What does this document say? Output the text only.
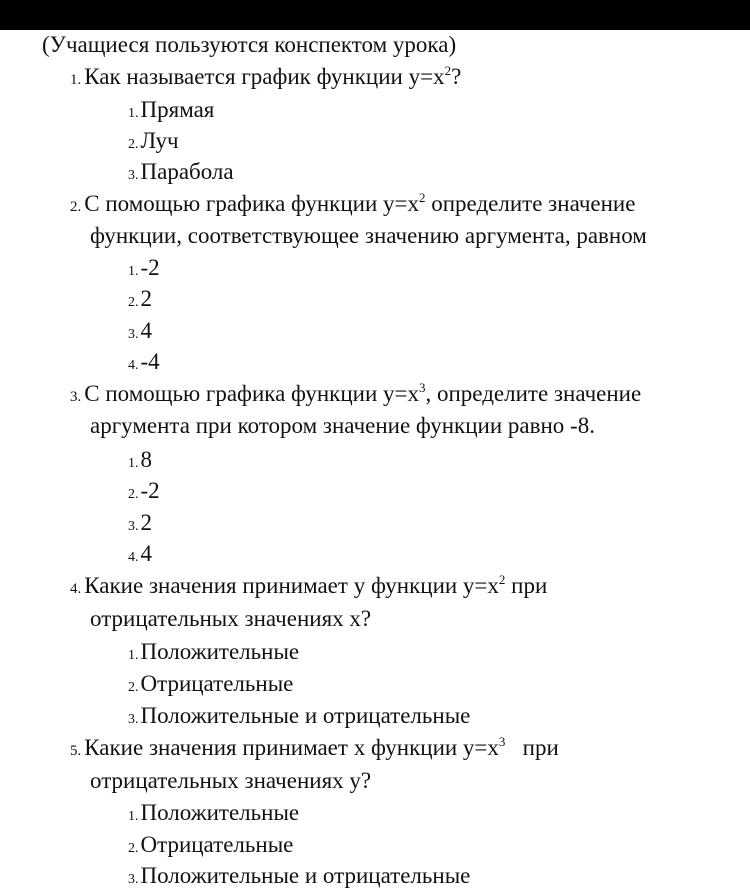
(Учащиеся пользуются конспектом урока)
1. Как называется график функции $y=x^2$?
1.Прямая
2.Луч
3.Парабола
2. С помощью графика функции $y=x^2$ определите значение
функции, соответствующее значению аргумента, равном
1.-2
2.2
3.4
4.-4
3. С помощью графика функции $y=x^3$, определите значение
аргумента при котором значение функции равно -8.
1.8
2.-2
3.2
4.4
4. Какие значения принимает y функции $y=x^2$ при
отрицательных значениях x?
1.Положительные
2.Отрицательные
3.Положительные и отрицательные
5. Какие значения принимает x функции $y=x^3$   при
отрицательных значениях y?
1.Положительные
2.Отрицательные
3.Положительные и отрицательные
